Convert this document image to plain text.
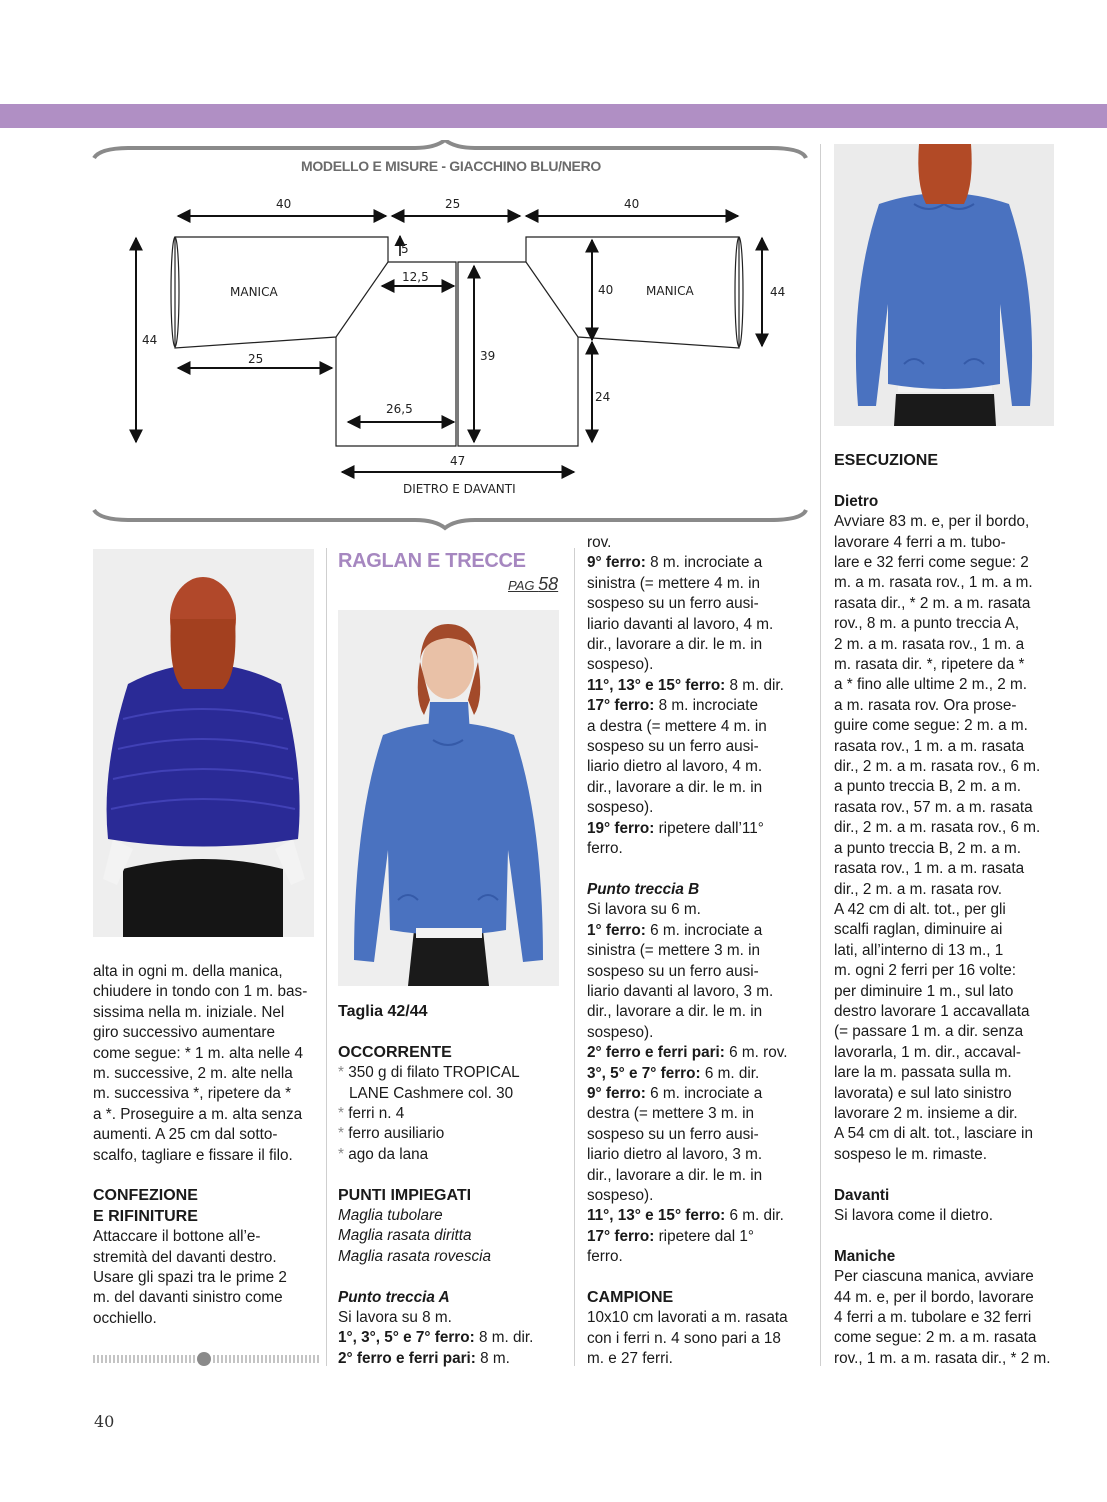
MODELLO E MISURE - GIACCHINO BLU/NERO
40	25	40
5
12,5
MANICA	MANICA
40	44
44
25	39
24
26,5
47
DIETRO E DAVANTI

alta in ogni m. della manica,

chiudere in tondo con 1 m. bas-

sissima nella m. iniziale. Nel

giro successivo aumentare

come segue: * 1 m. alta nelle 4

m. successive, 2 m. alte nella

m. successiva *, ripetere da *

a *. Proseguire a m. alta senza

aumenti. A 25 cm dal sotto-

scalfo, tagliare e fissare il filo.

CONFEZIONE

E RIFINITURE

Attaccare il bottone all’e-

stremità del davanti destro.

Usare gli spazi tra le prime 2

m. del davanti sinistro come

occhiello.

RAGLAN E TRECCE
PAG 58

Taglia 42/44

OCCORRENTE

* 350 g di filato TROPICAL

LANE Cashmere col. 30

* ferri n. 4

* ferro ausiliario

* ago da lana

PUNTI IMPIEGATI

Maglia tubolare

Maglia rasata diritta

Maglia rasata rovescia

Punto treccia A

Si lavora su 8 m.

1°, 3°, 5° e 7° ferro: 8 m. dir.

2° ferro e ferri pari: 8 m.

rov.

9° ferro: 8 m. incrociate a

sinistra (= mettere 4 m. in

sospeso su un ferro ausi-

liario davanti al lavoro, 4 m.

dir., lavorare a dir. le m. in

sospeso).

11°, 13° e 15° ferro: 8 m. dir.

17° ferro: 8 m. incrociate

a destra (= mettere 4 m. in

sospeso su un ferro ausi-

liario dietro al lavoro, 4 m.

dir., lavorare a dir. le m. in

sospeso).

19° ferro: ripetere dall’11°

ferro.

Punto treccia B

Si lavora su 6 m.

1° ferro: 6 m. incrociate a

sinistra (= mettere 3 m. in

sospeso su un ferro ausi-

liario davanti al lavoro, 3 m.

dir., lavorare a dir. le m. in

sospeso).

2° ferro e ferri pari: 6 m. rov.

3°, 5° e 7° ferro: 6 m. dir.

9° ferro: 6 m. incrociate a

destra (= mettere 3 m. in

sospeso su un ferro ausi-

liario dietro al lavoro, 3 m.

dir., lavorare a dir. le m. in

sospeso).

11°, 13° e 15° ferro: 6 m. dir.

17° ferro: ripetere dal 1°

ferro.

CAMPIONE

10x10 cm lavorati a m. rasata

con i ferri n. 4 sono pari a 18

m. e 27 ferri.

ESECUZIONE

Dietro

Avviare 83 m. e, per il bordo,

lavorare 4 ferri a m. tubo-

lare e 32 ferri come segue: 2

m. a m. rasata rov., 1 m. a m.

rasata dir., * 2 m. a m. rasata

rov., 8 m. a punto treccia A,

2 m. a m. rasata rov., 1 m. a

m. rasata dir. *, ripetere da *

a * fino alle ultime 2 m., 2 m.

a m. rasata rov. Ora prose-

guire come segue: 2 m. a m.

rasata rov., 1 m. a m. rasata

dir., 2 m. a m. rasata rov., 6 m.

a punto treccia B, 2 m. a m.

rasata rov., 57 m. a m. rasata

dir., 2 m. a m. rasata rov., 6 m.

a punto treccia B, 2 m. a m.

rasata rov., 1 m. a m. rasata

dir., 2 m. a m. rasata rov.

A 42 cm di alt. tot., per gli

scalfi raglan, diminuire ai

lati, all’interno di 13 m., 1

m. ogni 2 ferri per 16 volte:

per diminuire 1 m., sul lato

destro lavorare 1 accavallata

(= passare 1 m. a dir. senza

lavorarla, 1 m. dir., accaval-

lare la m. passata sulla m.

lavorata) e sul lato sinistro

lavorare 2 m. insieme a dir.

A 54 cm di alt. tot., lasciare in

sospeso le m. rimaste.

Davanti

Si lavora come il dietro.

Maniche

Per ciascuna manica, avviare

44 m. e, per il bordo, lavorare

4 ferri a m. tubolare e 32 ferri

come segue: 2 m. a m. rasata

rov., 1 m. a m. rasata dir., * 2 m.

40
